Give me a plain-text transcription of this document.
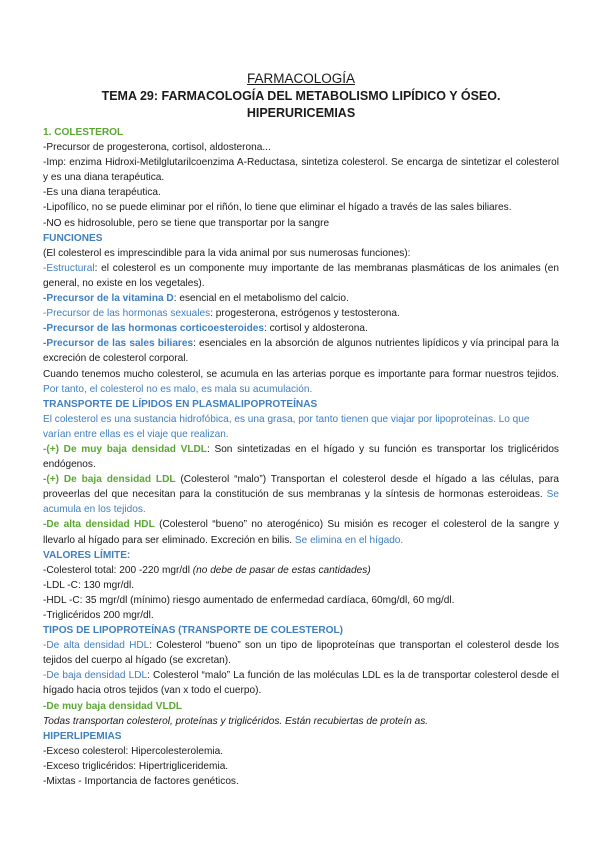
FARMACOLOGÍA
TEMA 29: FARMACOLOGÍA DEL METABOLISMO LIPÍDICO Y ÓSEO.
HIPERURICEMIAS
1. COLESTEROL
-Precursor de progesterona, cortisol, aldosterona...
-Imp: enzima Hidroxi-Metilglutarilcoenzima A-Reductasa, sintetiza colesterol. Se encarga de sintetizar el colesterol y es una diana terapéutica.
-Es una diana terapéutica.
-Lipofílico, no se puede eliminar por el riñón, lo tiene que eliminar el hígado a través de las sales biliares.
-NO es hidrosoluble, pero se tiene que transportar por la sangre
FUNCIONES
(El colesterol es imprescindible para la vida animal por sus numerosas funciones):
-Estructural: el colesterol es un componente muy importante de las membranas plasmáticas de los animales (en general, no existe en los vegetales).
-Precursor de la vitamina D: esencial en el metabolismo del calcio.
-Precursor de las hormonas sexuales: progesterona, estrógenos y testosterona.
-Precursor de las hormonas corticoesteroides: cortisol y aldosterona.
-Precursor de las sales biliares: esenciales en la absorción de algunos nutrientes lipídicos y vía principal para la excreción de colesterol corporal.
Cuando tenemos mucho colesterol, se acumula en las arterias porque es importante para formar nuestros tejidos. Por tanto, el colesterol no es malo, es mala su acumulación.
TRANSPORTE DE LÍPIDOS EN PLASMALIPOPROTEÍNAS
El colesterol es una sustancia hidrofóbica, es una grasa, por tanto tienen que viajar por lipoproteínas. Lo que varían entre ellas es el viaje que realizan.
-(+) De muy baja densidad VLDL: Son sintetizadas en el hígado y su función es transportar los triglicéridos endógenos.
-(+) De baja densidad LDL (Colesterol “malo”) Transportan el colesterol desde el hígado a las células, para proveerlas del que necesitan para la constitución de sus membranas y la síntesis de hormonas esteroideas. Se acumula en los tejidos.
-De alta densidad HDL (Colesterol “bueno” no aterogénico) Su misión es recoger el colesterol de la sangre y llevarlo al hígado para ser eliminado. Excreción en bilis. Se elimina en el hígado.
VALORES LÍMITE:
-Colesterol total: 200 -220 mgr/dl (no debe de pasar de estas cantidades)
-LDL -C: 130 mgr/dl.
-HDL -C: 35 mgr/dl (mínimo) riesgo aumentado de enfermedad cardíaca, 60mg/dl, 60 mg/dl.
-Triglicéridos 200 mgr/dl.
TIPOS DE LIPOPROTEÍNAS (TRANSPORTE DE COLESTEROL)
-De alta densidad HDL: Colesterol “bueno” son un tipo de lipoproteínas que transportan el colesterol desde los tejidos del cuerpo al hígado (se excretan).
-De baja densidad LDL: Colesterol “malo” La función de las moléculas LDL es la de transportar colesterol desde el hígado hacia otros tejidos (van x todo el cuerpo).
-De muy baja densidad VLDL
Todas transportan colesterol, proteínas y triglicéridos. Están recubiertas de proteín as.
HIPERLIPEMIAS
-Exceso colesterol: Hipercolesterolemia.
-Exceso triglicéridos: Hipertrigliceridemia.
-Mixtas - Importancia de factores genéticos.
